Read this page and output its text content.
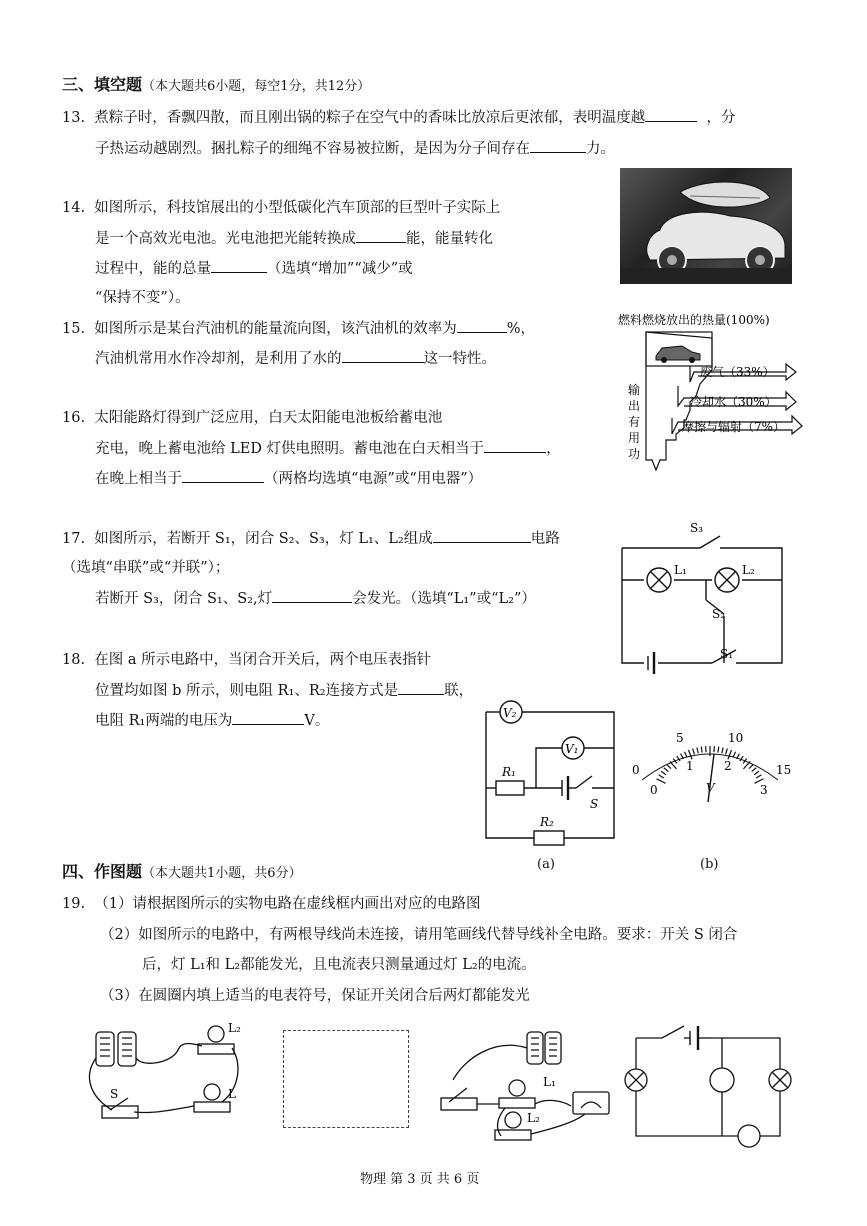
三、填空题（本大题共6小题，每空1分，共12分）
13. 煮粽子时，香飘四散，而且刚出锅的粽子在空气中的香味比放凉后更浓郁，表明温度越	，分
子热运动越剧烈。捆扎粽子的细绳不容易被拉断，是因为分子间存在	力。
14. 如图所示，科技馆展出的小型低碳化汽车顶部的巨型叶子实际上
是一个高效光电池。光电池把光能转换成	能，能量转化
过程中，能的总量	（选填“增加”“减少”或
“保持不变”）。
15. 如图所示是某台汽油机的能量流向图，该汽油机的效率为	%，
汽油机常用水作冷却剂，是利用了水的	这一特性。
燃料燃烧放出的热量(100%)
废气（33%）
冷却水（30%）
摩擦与辐射（7%）
输
出
有
用
功
16. 太阳能路灯得到广泛应用，白天太阳能电池板给蓄电池
充电，晚上蓄电池给 LED 灯供电照明。蓄电池在白天相当于	，
在晚上相当于	（两格均选填“电源”或“用电器”）
17. 如图所示，若断开 S₁，闭合 S₂、S₃，灯 L₁、L₂组成	电路
（选填“串联”或“并联”）；
若断开 S₃，闭合 S₁、S₂,灯	会发光。（选填“L₁”或“L₂”）
S₃
L₁	L₂
S₂
S₁
18. 在图 a 所示电路中，当闭合开关后，两个电压表指针
位置均如图 b 所示，则电阻 R₁、R₂连接方式是	联，
电阻 R₁两端的电压为	V。	V₂
V₁
R₁
R₂
S
(a)
0
5	10
15
0
1	2
3
V
(b)
四、作图题（本大题共1小题，共6分）
19. （1）请根据图所示的实物电路在虚线框内画出对应的电路图
（2）如图所示的电路中，有两根导线尚未连接，请用笔画线代替导线补全电路。要求：开关 S 闭合
后，灯 L₁和 L₂都能发光，且电流表只测量通过灯 L₂的电流。
（3）在圆圈内填上适当的电表符号，保证开关闭合后两灯都能发光
L₂
L
S
L₁
L₂
物理 第 3 页 共 6 页
